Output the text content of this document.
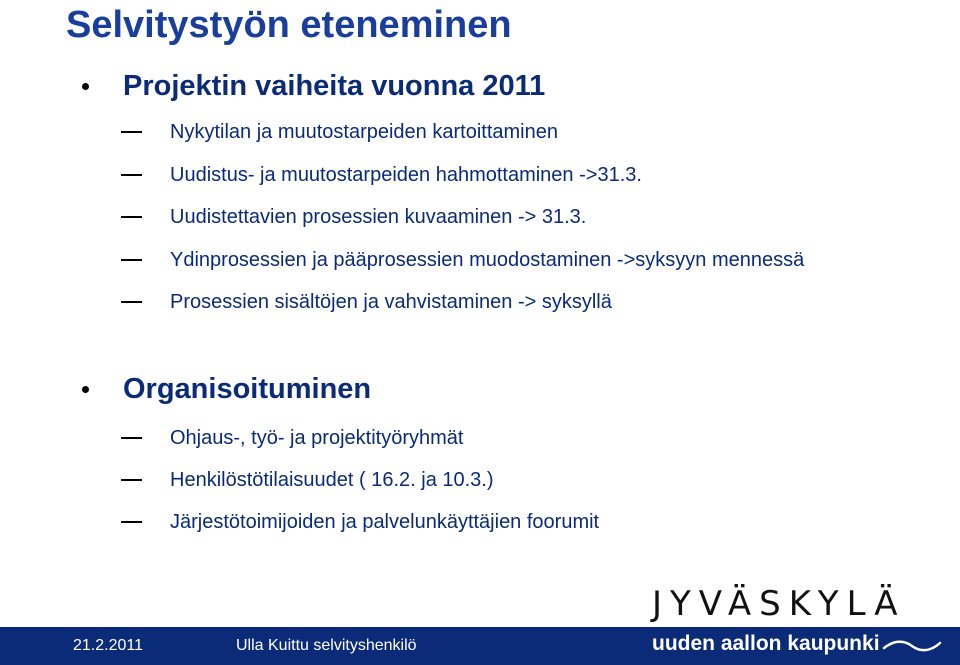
Selvitystyön eteneminen
Projektin vaiheita vuonna 2011
Nykytilan ja muutostarpeiden kartoittaminen
Uudistus- ja muutostarpeiden hahmottaminen ->31.3.
Uudistettavien prosessien kuvaaminen -> 31.3.
Ydinprosessien ja pääprosessien muodostaminen ->syksyyn mennessä
Prosessien sisältöjen ja vahvistaminen -> syksyllä
Organisoituminen
Ohjaus-, työ- ja projektityöryhmät
Henkilöstötilaisuudet ( 16.2. ja 10.3.)
Järjestötoimijoiden ja palvelunkäyttäjien foorumit
JYVÄSKYLÄ
21.2.2011	Ulla Kuittu selvityshenkilö	uuden aallon kaupunki
